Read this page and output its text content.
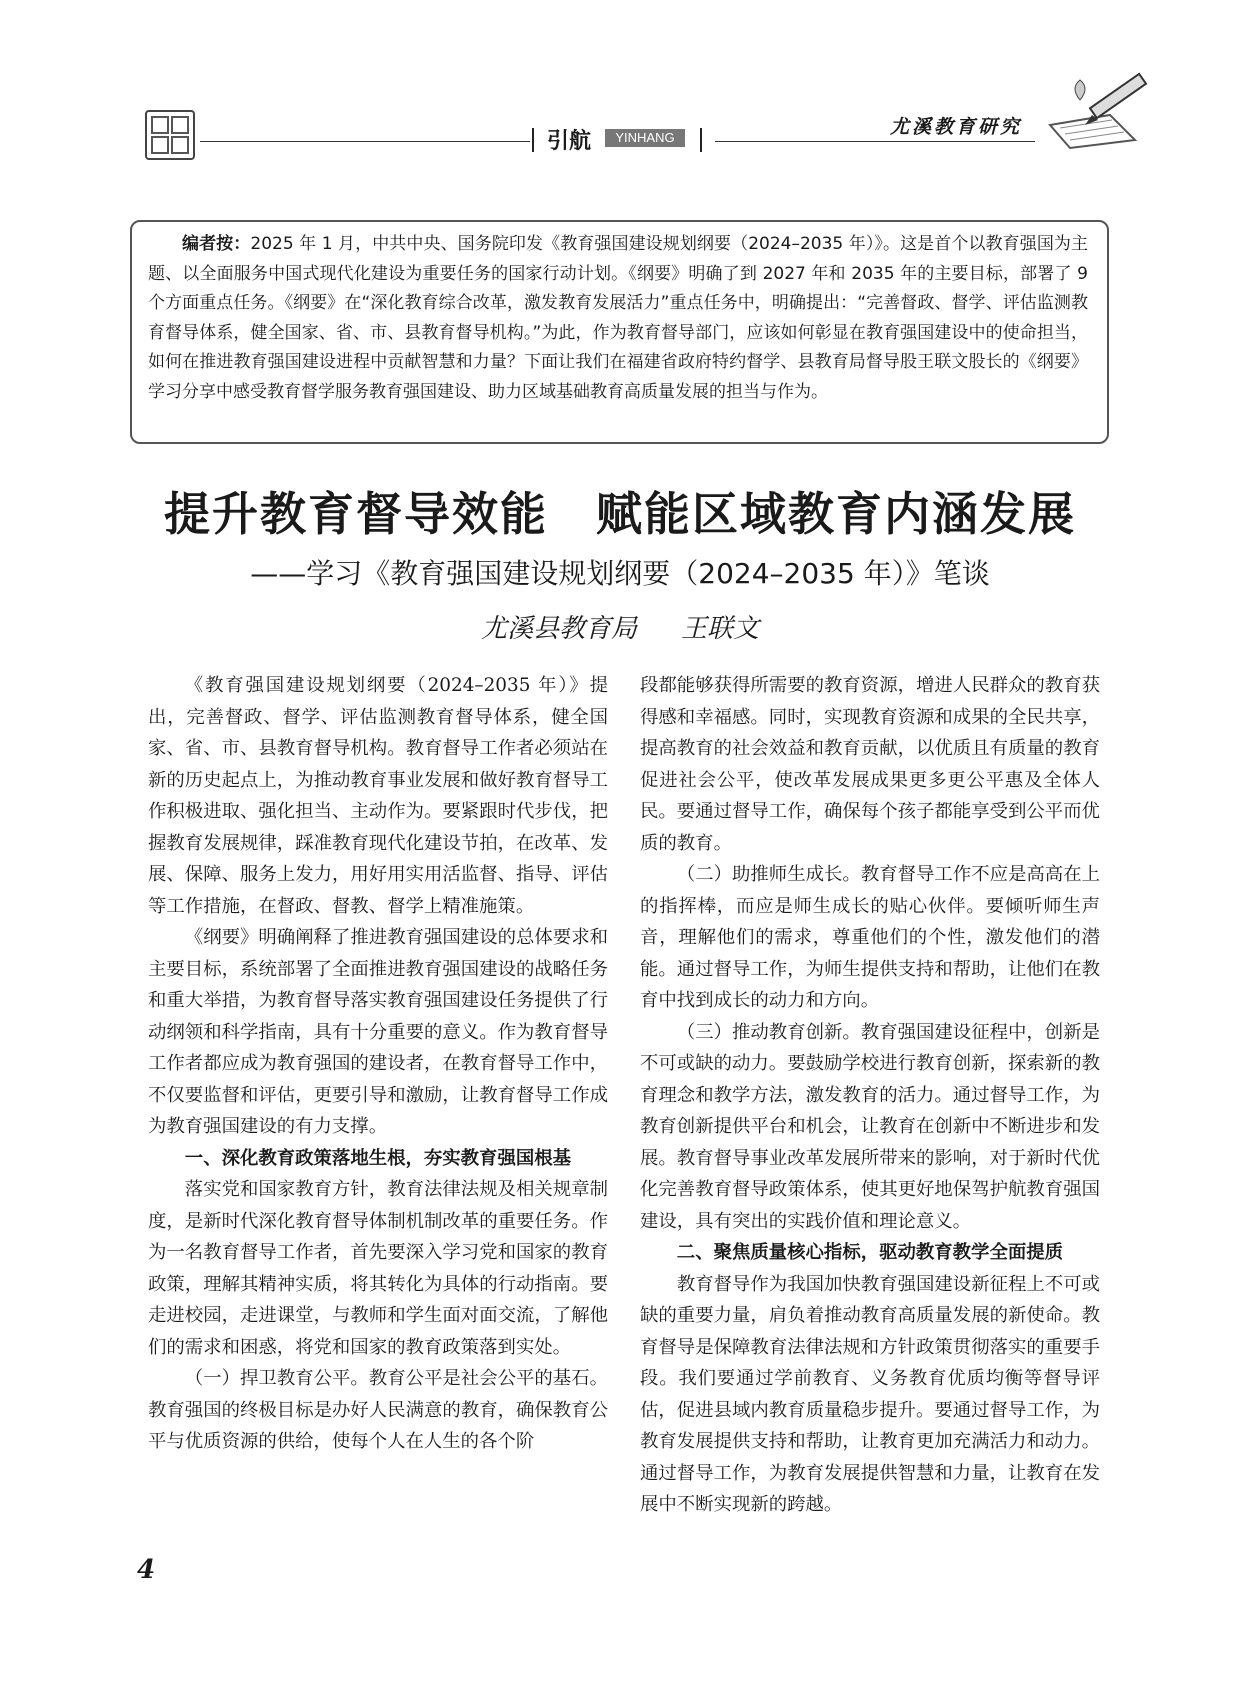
引航	YINHANG	尤溪教育研究
编者按：2025 年 1 月，中共中央、国务院印发《教育强国建设规划纲要（2024–2035 年）》。这是首个以教育强国为主题、以全面服务中国式现代化建设为重要任务的国家行动计划。《纲要》明确了到 2027 年和 2035 年的主要目标，部署了 9 个方面重点任务。《纲要》在“深化教育综合改革，激发教育发展活力”重点任务中，明确提出：“完善督政、督学、评估监测教育督导体系，健全国家、省、市、县教育督导机构。”为此，作为教育督导部门，应该如何彰显在教育强国建设中的使命担当，如何在推进教育强国建设进程中贡献智慧和力量？下面让我们在福建省政府特约督学、县教育局督导股王联文股长的《纲要》学习分享中感受教育督学服务教育强国建设、助力区域基础教育高质量发展的担当与作为。
提升教育督导效能　赋能区域教育内涵发展
——学习《教育强国建设规划纲要（2024–2035 年）》笔谈
尤溪县教育局 王联文

《教育强国建设规划纲要（2024–2035 年）》提出，完善督政、督学、评估监测教育督导体系，健全国家、省、市、县教育督导机构。教育督导工作者必须站在新的历史起点上，为推动教育事业发展和做好教育督导工作积极进取、强化担当、主动作为。要紧跟时代步伐，把握教育发展规律，踩准教育现代化建设节拍，在改革、发展、保障、服务上发力，用好用实用活监督、指导、评估等工作措施，在督政、督教、督学上精准施策。

《纲要》明确阐释了推进教育强国建设的总体要求和主要目标，系统部署了全面推进教育强国建设的战略任务和重大举措，为教育督导落实教育强国建设任务提供了行动纲领和科学指南，具有十分重要的意义。作为教育督导工作者都应成为教育强国的建设者，在教育督导工作中，不仅要监督和评估，更要引导和激励，让教育督导工作成为教育强国建设的有力支撑。

一、深化教育政策落地生根，夯实教育强国根基

落实党和国家教育方针，教育法律法规及相关规章制度，是新时代深化教育督导体制机制改革的重要任务。作为一名教育督导工作者，首先要深入学习党和国家的教育政策，理解其精神实质，将其转化为具体的行动指南。要走进校园，走进课堂，与教师和学生面对面交流，了解他们的需求和困惑，将党和国家的教育政策落到实处。

（一）捍卫教育公平。教育公平是社会公平的基石。教育强国的终极目标是办好人民满意的教育，确保教育公平与优质资源的供给，使每个人在人生的各个阶

段都能够获得所需要的教育资源，增进人民群众的教育获得感和幸福感。同时，实现教育资源和成果的全民共享，提高教育的社会效益和教育贡献，以优质且有质量的教育促进社会公平，使改革发展成果更多更公平惠及全体人民。要通过督导工作，确保每个孩子都能享受到公平而优质的教育。

（二）助推师生成长。教育督导工作不应是高高在上的指挥棒，而应是师生成长的贴心伙伴。要倾听师生声音，理解他们的需求，尊重他们的个性，激发他们的潜能。通过督导工作，为师生提供支持和帮助，让他们在教育中找到成长的动力和方向。

（三）推动教育创新。教育强国建设征程中，创新是不可或缺的动力。要鼓励学校进行教育创新，探索新的教育理念和教学方法，激发教育的活力。通过督导工作，为教育创新提供平台和机会，让教育在创新中不断进步和发展。教育督导事业改革发展所带来的影响，对于新时代优化完善教育督导政策体系，使其更好地保驾护航教育强国建设，具有突出的实践价值和理论意义。

二、聚焦质量核心指标，驱动教育教学全面提质

教育督导作为我国加快教育强国建设新征程上不可或缺的重要力量，肩负着推动教育高质量发展的新使命。教育督导是保障教育法律法规和方针政策贯彻落实的重要手段。我们要通过学前教育、义务教育优质均衡等督导评估，促进县域内教育质量稳步提升。要通过督导工作，为教育发展提供支持和帮助，让教育更加充满活力和动力。通过督导工作，为教育发展提供智慧和力量，让教育在发展中不断实现新的跨越。

4
